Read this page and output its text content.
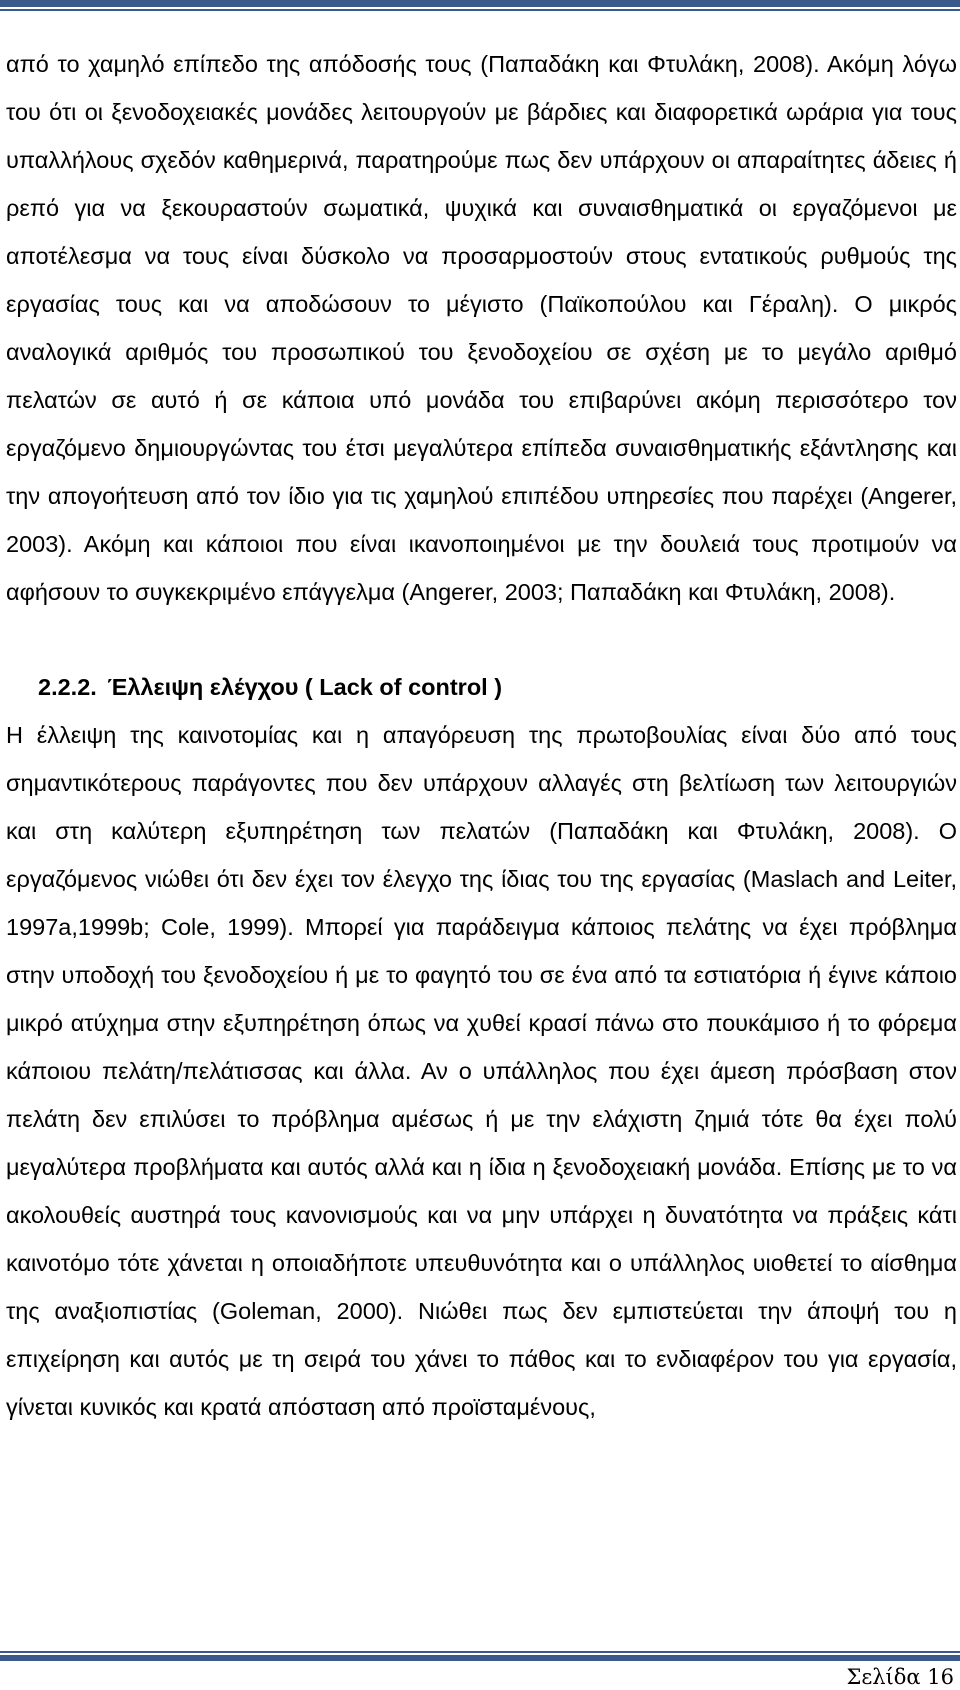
από το χαμηλό επίπεδο της απόδοσής τους (Παπαδάκη και Φτυλάκη, 2008). Ακόμη λόγω του ότι οι ξενοδοχειακές μονάδες λειτουργούν με βάρδιες και διαφορετικά ωράρια για τους υπαλλήλους σχεδόν καθημερινά, παρατηρούμε πως δεν υπάρχουν οι απαραίτητες άδειες ή ρεπό για να ξεκουραστούν σωματικά, ψυχικά και συναισθηματικά οι εργαζόμενοι με αποτέλεσμα να τους είναι δύσκολο να προσαρμοστούν στους εντατικούς ρυθμούς της εργασίας τους και να αποδώσουν το μέγιστο (Παϊκοπούλου και Γέραλη). Ο μικρός αναλογικά αριθμός του προσωπικού του ξενοδοχείου σε σχέση με το μεγάλο αριθμό πελατών σε αυτό ή σε κάποια υπό μονάδα του επιβαρύνει ακόμη περισσότερο τον εργαζόμενο δημιουργώντας του έτσι μεγαλύτερα επίπεδα συναισθηματικής εξάντλησης και την απογοήτευση από τον ίδιο για τις χαμηλού επιπέδου υπηρεσίες που παρέχει (Angerer, 2003). Ακόμη και κάποιοι που είναι ικανοποιημένοι με την δουλειά τους προτιμούν να αφήσουν το συγκεκριμένο επάγγελμα (Angerer, 2003; Παπαδάκη και Φτυλάκη, 2008).

2.2.2. Έλλειψη ελέγχου ( Lack of control )

Η έλλειψη της καινοτομίας και η απαγόρευση της πρωτοβουλίας είναι δύο από τους σημαντικότερους παράγοντες που δεν υπάρχουν αλλαγές στη βελτίωση των λειτουργιών και στη καλύτερη εξυπηρέτηση των πελατών (Παπαδάκη και Φτυλάκη, 2008). Ο εργαζόμενος νιώθει ότι δεν έχει τον έλεγχο της ίδιας του της εργασίας (Maslach and Leiter, 1997a,1999b; Cole, 1999). Μπορεί για παράδειγμα κάποιος πελάτης να έχει πρόβλημα στην υποδοχή του ξενοδοχείου ή με το φαγητό του σε ένα από τα εστιατόρια ή έγινε κάποιο μικρό ατύχημα στην εξυπηρέτηση όπως να χυθεί κρασί πάνω στο πουκάμισο ή το φόρεμα κάποιου πελάτη/πελάτισσας και άλλα. Αν ο υπάλληλος που έχει άμεση πρόσβαση στον πελάτη δεν επιλύσει το πρόβλημα αμέσως ή με την ελάχιστη ζημιά τότε θα έχει πολύ μεγαλύτερα προβλήματα και αυτός αλλά και η ίδια η ξενοδοχειακή μονάδα. Επίσης με το να ακολουθείς αυστηρά τους κανονισμούς και να μην υπάρχει η δυνατότητα να πράξεις κάτι καινοτόμο τότε χάνεται η οποιαδήποτε υπευθυνότητα και ο υπάλληλος υιοθετεί το αίσθημα της αναξιοπιστίας (Goleman, 2000). Νιώθει πως δεν εμπιστεύεται την άποψή του η επιχείρηση και αυτός με τη σειρά του χάνει το πάθος και το ενδιαφέρον του για εργασία, γίνεται κυνικός και κρατά απόσταση από προϊσταμένους,

Σελίδα 16
